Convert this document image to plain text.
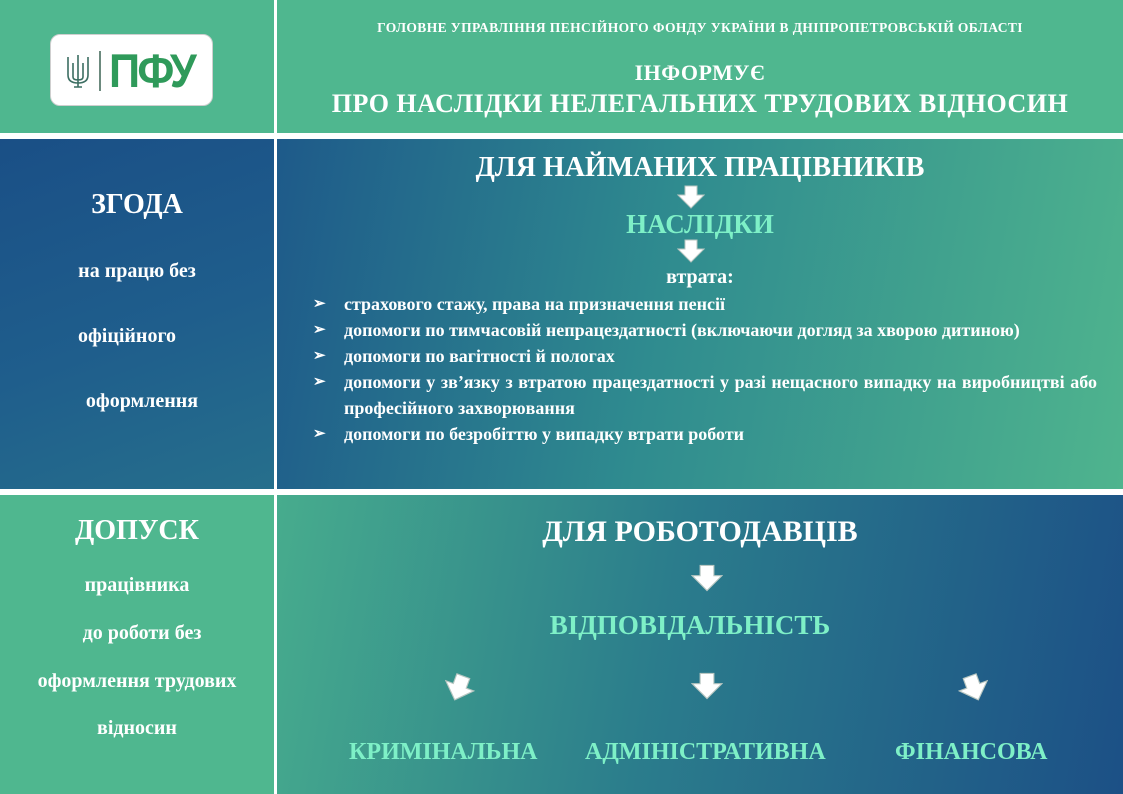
ПФУ
ГОЛОВНЕ УПРАВЛІННЯ ПЕНСІЙНОГО ФОНДУ УКРАЇНИ В ДНІПРОПЕТРОВСЬКІЙ ОБЛАСТІ
ІНФОРМУЄ
ПРО НАСЛІДКИ НЕЛЕГАЛЬНИХ ТРУДОВИХ ВІДНОСИН
ЗГОДА
на працю без
офіційного
оформлення
ДЛЯ НАЙМАНИХ ПРАЦІВНИКІВ
НАСЛІДКИ
втрата:
➢ страхового стажу, права на призначення пенсії
➢ допомоги по тимчасовій непрацездатності (включаючи догляд за хворою дитиною)
➢ допомоги по вагітності й пологах
➢ допомоги у зв’язку з втратою працездатності у разі нещасного випадку на виробництві або професійного захворювання
➢ допомоги по безробіттю у випадку втрати роботи
ДОПУСК
працівника
до роботи без
оформлення трудових
відносин
ДЛЯ РОБОТОДАВЦІВ
ВІДПОВІДАЛЬНІСТЬ
КРИМІНАЛЬНА АДМІНІСТРАТИВНА	ФІНАНСОВА
